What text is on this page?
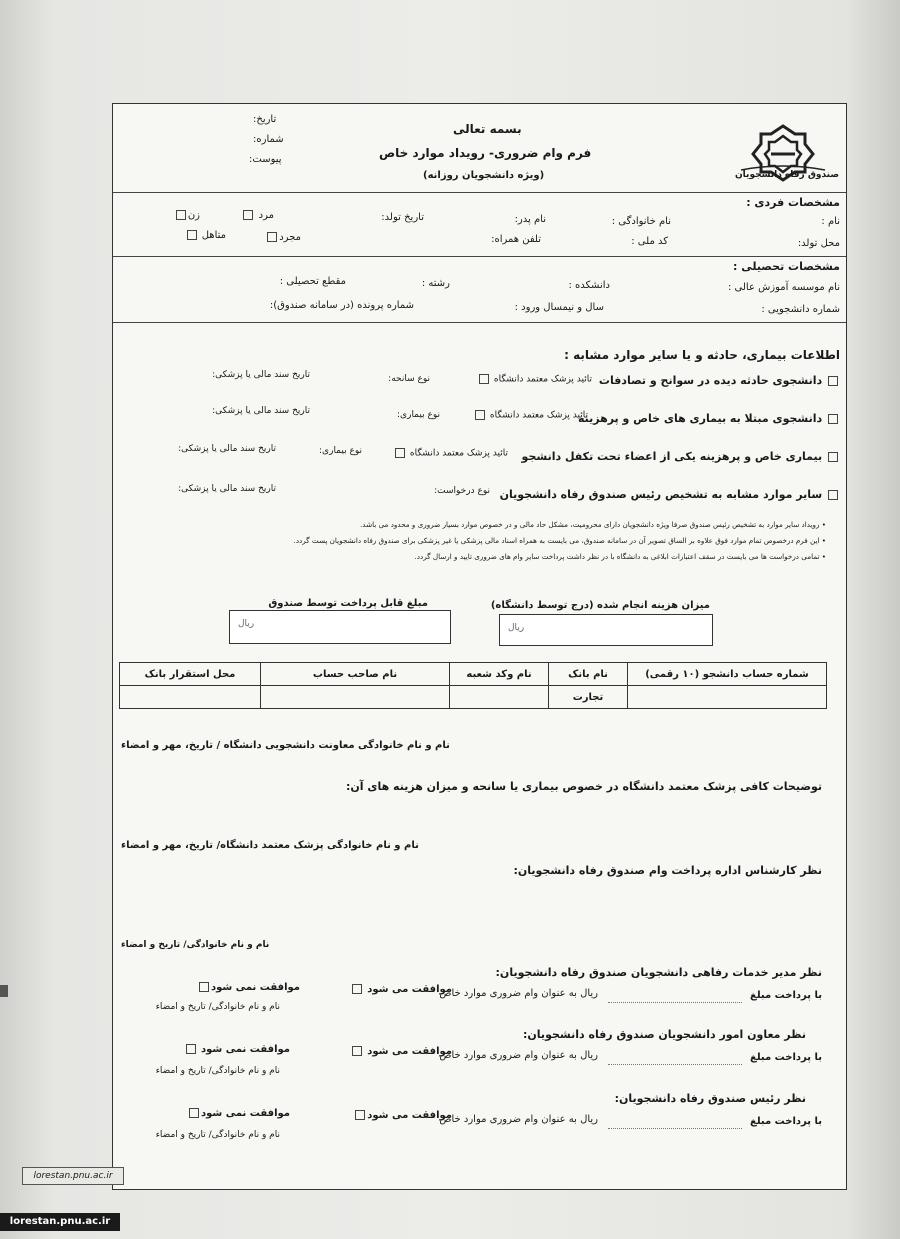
صندوق رفاه دانشجویان
بسمه تعالی
فرم وام ضروری- رویداد موارد خاص
(ویژه دانشجویان روزانه)
تاریخ:
شماره:
پیوست:
مشخصات فردی :
نام :
نام خانوادگی :
نام پدر:
تاریخ تولد:
مرد
زن
محل تولد:
کد ملی :
تلفن همراه:
مجرد
متاهل
مشخصات تحصیلی :
نام موسسه آموزش عالی :
دانشکده :
رشته :
مقطع تحصیلی :
شماره دانشجویی :
سال و نیمسال ورود :
شماره پرونده (در سامانه صندوق):
اطلاعات بیماری، حادثه و یا سایر موارد مشابه :
دانشجوی حادثه دیده در سوانح و تصادفات
تائید پزشک معتمد دانشگاه
نوع سانحه:
تاریخ سند مالی یا پزشکی:
دانشجوی مبتلا به بیماری های خاص و پرهزینه
تائید پزشک معتمد دانشگاه
نوع بیماری:
تاریخ سند مالی یا پزشکی:
بیماری خاص و پرهزینه یکی از اعضاء تحت تکفل دانشجو
تائید پزشک معتمد دانشگاه
نوع بیماری:
تاریخ سند مالی یا پزشکی:
سایر موارد مشابه به تشخیص رئیس صندوق رفاه دانشجویان
نوع درخواست:
تاریخ سند مالی یا پزشکی:
• رویداد سایر موارد به تشخیص رئیس صندوق صرفا ویژه دانشجویان دارای محرومیت، مشکل حاد مالی و در خصوص موارد بسیار ضروری و محدود می باشد.
• این فرم درخصوص تمام موارد فوق علاوه بر الساق تصویر آن در سامانه صندوق، می بایست به همراه اسناد مالی پزشکی یا غیر پزشکی برای صندوق رفاه دانشجویان پست گردد.
• تمامی درخواست ها می بایست در سقف اعتبارات ابلاغی به دانشگاه با در نظر داشت پرداخت سایر وام های ضروری تایید و ارسال گردد.
میزان هزینه انجام شده (درج توسط دانشگاه)
ریال
مبلغ قابل پرداخت توسط صندوق
ریال
شماره حساب دانشجو (۱۰ رقمی)	نام بانک	نام وکد شعبه	نام صاحب حساب	محل استقرار بانک
	تجارت			
نام و نام خانوادگی معاونت دانشجویی دانشگاه / تاریخ، مهر و امضاء
توضیحات کافی پزشک معتمد دانشگاه در خصوص بیماری یا سانحه و میزان هزینه های آن:
نام و نام خانوادگی پزشک معتمد دانشگاه/ تاریخ، مهر و امضاء
نظر کارشناس اداره پرداخت وام صندوق رفاه دانشجویان:
نام و نام خانوادگی/ تاریخ و امضاء
نظر مدیر خدمات رفاهی دانشجویان صندوق رفاه دانشجویان:
با پرداخت مبلغ
ریال به عنوان وام ضروری موارد خاص
موافقت می شود
موافقت نمی شود
نام و نام خانوادگی/ تاریخ و امضاء
نظر معاون امور دانشجویان صندوق رفاه دانشجویان:
با پرداخت مبلغ
ریال به عنوان وام ضروری موارد خاص
موافقت می شود
موافقت نمی شود
نام و نام خانوادگی/ تاریخ و امضاء
نظر رئیس صندوق رفاه دانشجویان:
با پرداخت مبلغ
ریال به عنوان وام ضروری موارد خاص
موافقت می شود
موافقت نمی شود
نام و نام خانوادگی/ تاریخ و امضاء
lorestan.pnu.ac.ir
lorestan.pnu.ac.ir
